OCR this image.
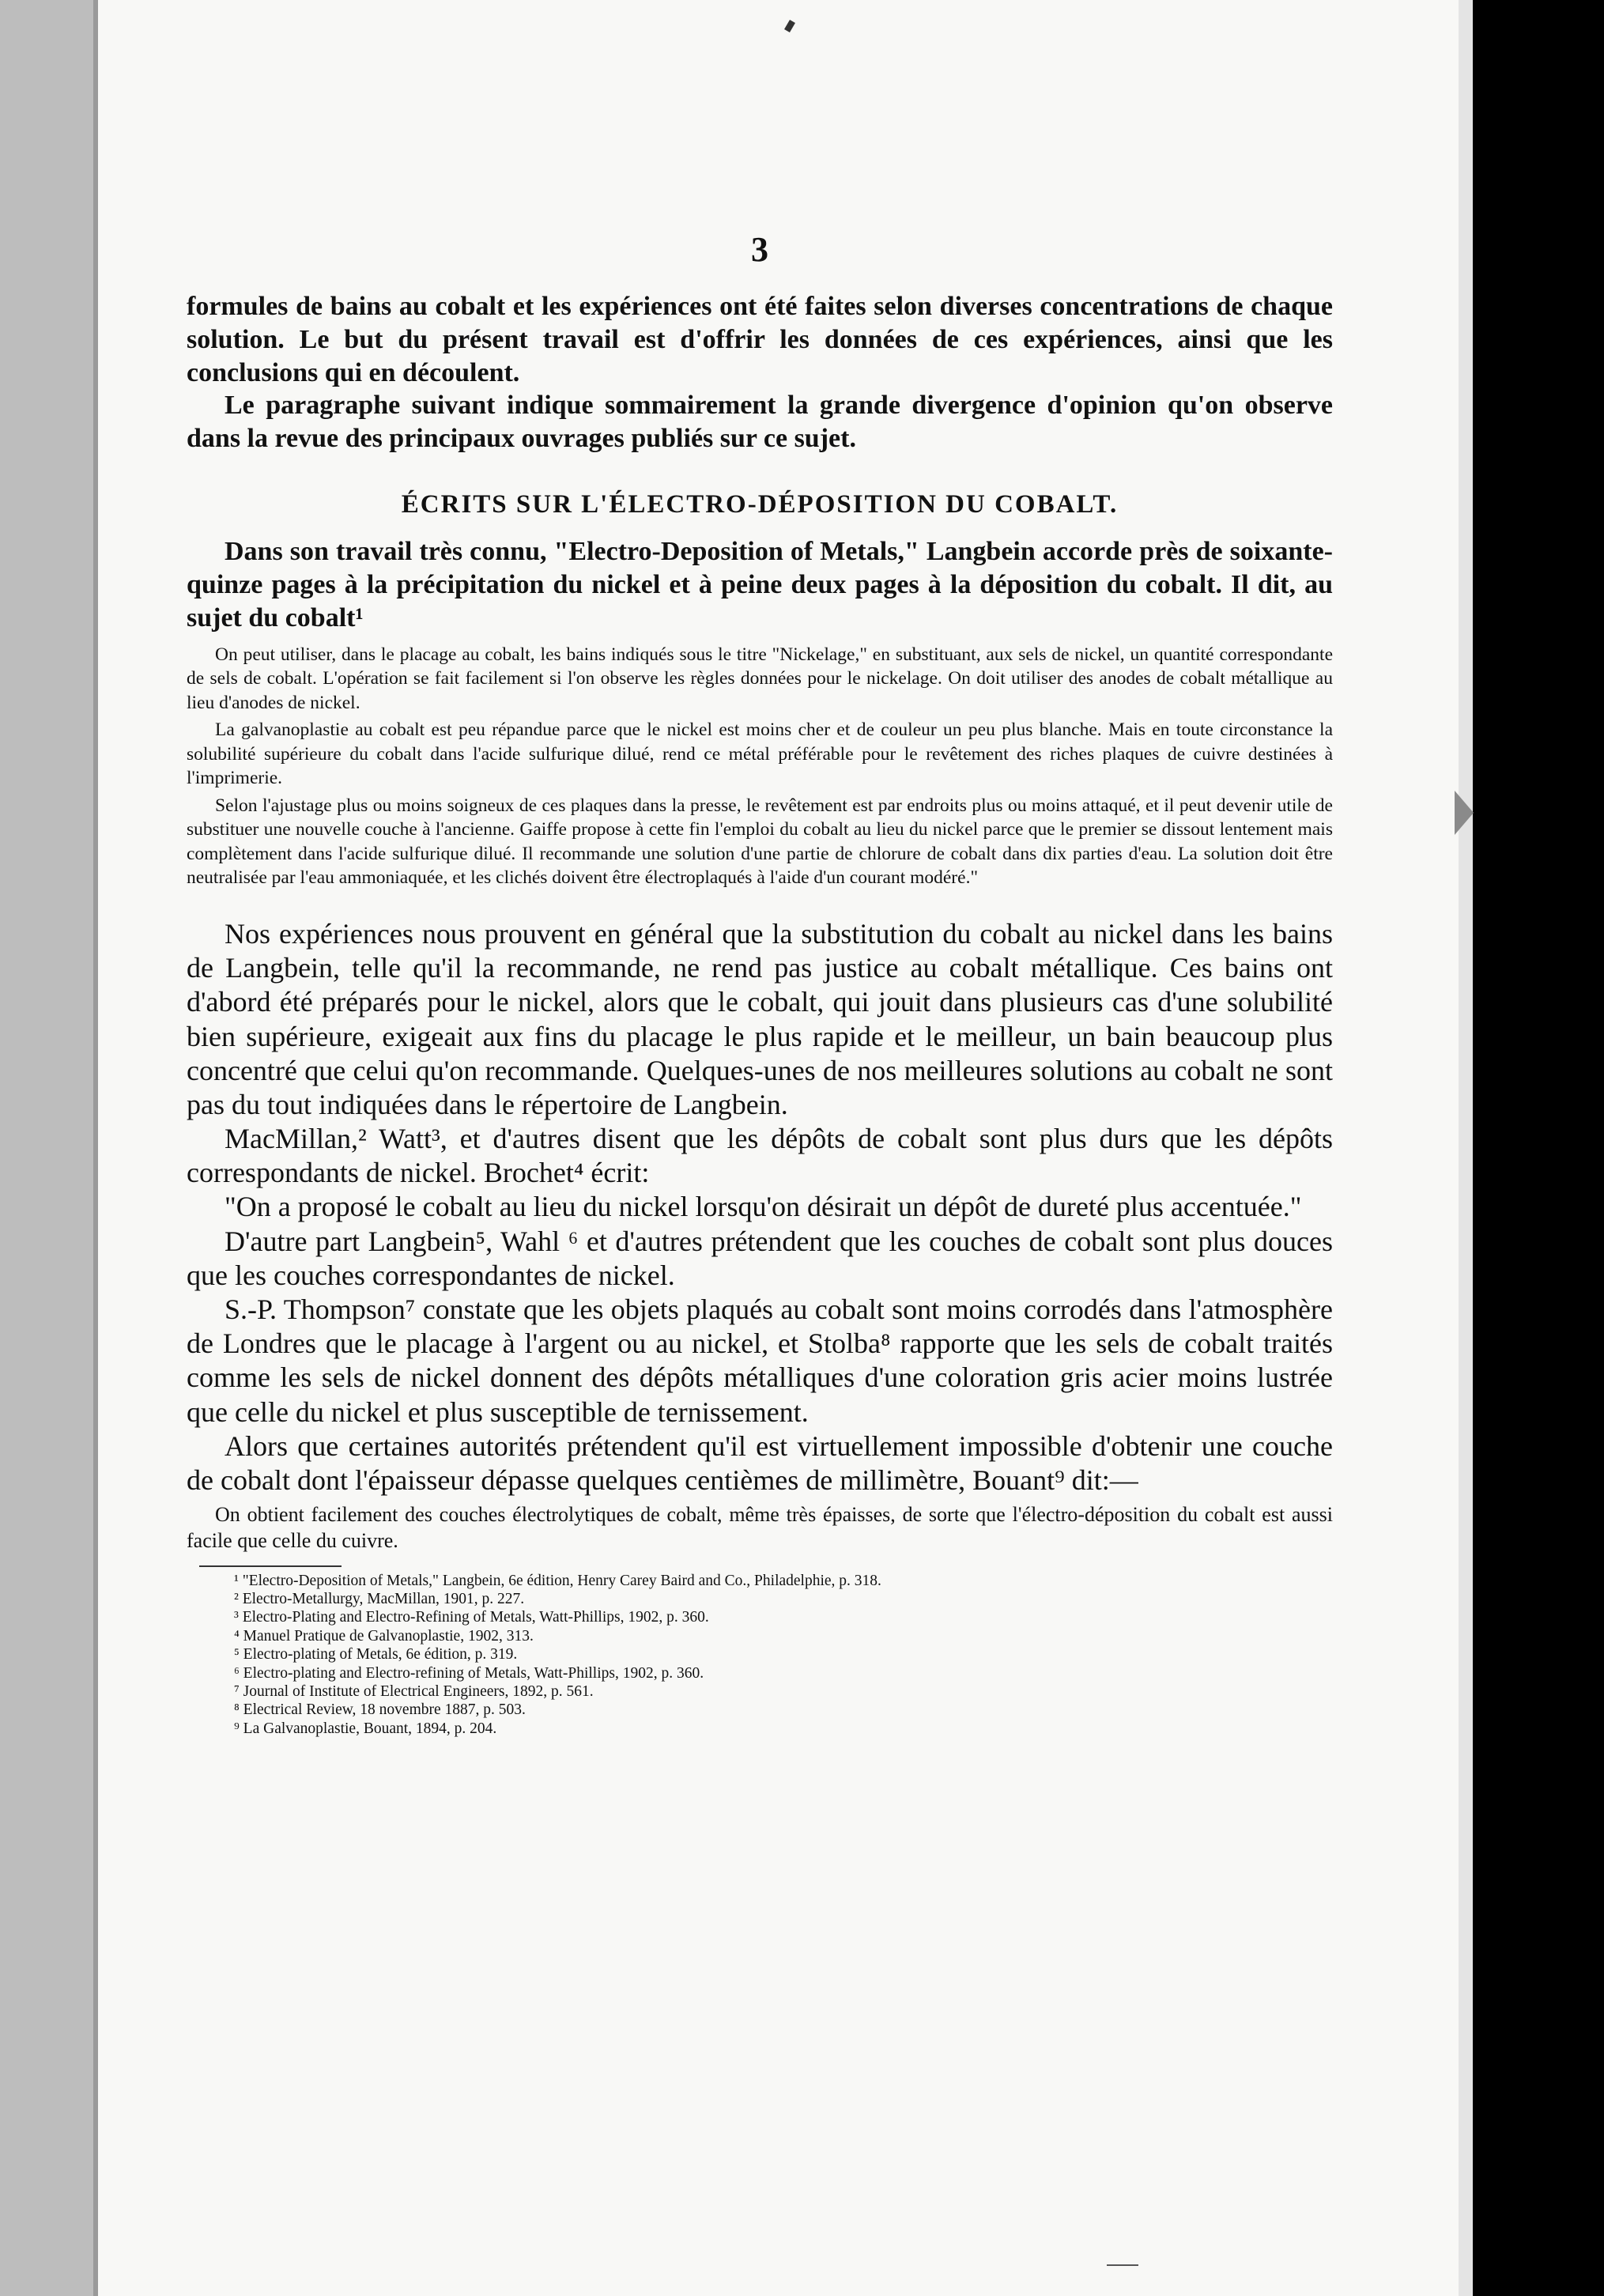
3

formules de bains au cobalt et les expériences ont été faites selon diverses concentrations de chaque solution. Le but du présent travail est d'offrir les données de ces expériences, ainsi que les conclusions qui en découlent.

Le paragraphe suivant indique sommairement la grande divergence d'opinion qu'on observe dans la revue des principaux ouvrages publiés sur ce sujet.

ÉCRITS SUR L'ÉLECTRO-DÉPOSITION DU COBALT.

Dans son travail très connu, "Electro-Deposition of Metals," Langbein accorde près de soixante-quinze pages à la précipitation du nickel et à peine deux pages à la déposition du cobalt. Il dit, au sujet du cobalt¹

On peut utiliser, dans le placage au cobalt, les bains indiqués sous le titre "Nickelage," en substituant, aux sels de nickel, un quantité correspondante de sels de cobalt. L'opération se fait facilement si l'on observe les règles données pour le nickelage. On doit utiliser des anodes de cobalt métallique au lieu d'anodes de nickel.

La galvanoplastie au cobalt est peu répandue parce que le nickel est moins cher et de couleur un peu plus blanche. Mais en toute circonstance la solubilité supérieure du cobalt dans l'acide sulfurique dilué, rend ce métal préférable pour le revêtement des riches plaques de cuivre destinées à l'imprimerie.

Selon l'ajustage plus ou moins soigneux de ces plaques dans la presse, le revêtement est par endroits plus ou moins attaqué, et il peut devenir utile de substituer une nouvelle couche à l'ancienne. Gaiffe propose à cette fin l'emploi du cobalt au lieu du nickel parce que le premier se dissout lentement mais complètement dans l'acide sulfurique dilué. Il recommande une solution d'une partie de chlorure de cobalt dans dix parties d'eau. La solution doit être neutralisée par l'eau ammoniaquée, et les clichés doivent être électroplaqués à l'aide d'un courant modéré."

Nos expériences nous prouvent en général que la substitution du cobalt au nickel dans les bains de Langbein, telle qu'il la recommande, ne rend pas justice au cobalt métallique. Ces bains ont d'abord été préparés pour le nickel, alors que le cobalt, qui jouit dans plusieurs cas d'une solubilité bien supérieure, exigeait aux fins du placage le plus rapide et le meilleur, un bain beaucoup plus concentré que celui qu'on recommande. Quelques-unes de nos meilleures solutions au cobalt ne sont pas du tout indiquées dans le répertoire de Langbein.

MacMillan,² Watt³, et d'autres disent que les dépôts de cobalt sont plus durs que les dépôts correspondants de nickel. Brochet⁴ écrit:

"On a proposé le cobalt au lieu du nickel lorsqu'on désirait un dépôt de dureté plus accentuée."

D'autre part Langbein⁵, Wahl ⁶ et d'autres prétendent que les couches de cobalt sont plus douces que les couches correspondantes de nickel.

S.-P. Thompson⁷ constate que les objets plaqués au cobalt sont moins corrodés dans l'atmosphère de Londres que le placage à l'argent ou au nickel, et Stolba⁸ rapporte que les sels de cobalt traités comme les sels de nickel donnent des dépôts métalliques d'une coloration gris acier moins lustrée que celle du nickel et plus susceptible de ternissement.

Alors que certaines autorités prétendent qu'il est virtuellement impossible d'obtenir une couche de cobalt dont l'épaisseur dépasse quelques centièmes de millimètre, Bouant⁹ dit:—

On obtient facilement des couches électrolytiques de cobalt, même très épaisses, de sorte que l'électro-déposition du cobalt est aussi facile que celle du cuivre.

¹ "Electro-Deposition of Metals," Langbein, 6e édition, Henry Carey Baird and Co., Philadelphie, p. 318.
² Electro-Metallurgy, MacMillan, 1901, p. 227.
³ Electro-Plating and Electro-Refining of Metals, Watt-Phillips, 1902, p. 360.
⁴ Manuel Pratique de Galvanoplastie, 1902, 313.
⁵ Electro-plating of Metals, 6e édition, p. 319.
⁶ Electro-plating and Electro-refining of Metals, Watt-Phillips, 1902, p. 360.
⁷ Journal of Institute of Electrical Engineers, 1892, p. 561.
⁸ Electrical Review, 18 novembre 1887, p. 503.
⁹ La Galvanoplastie, Bouant, 1894, p. 204.
